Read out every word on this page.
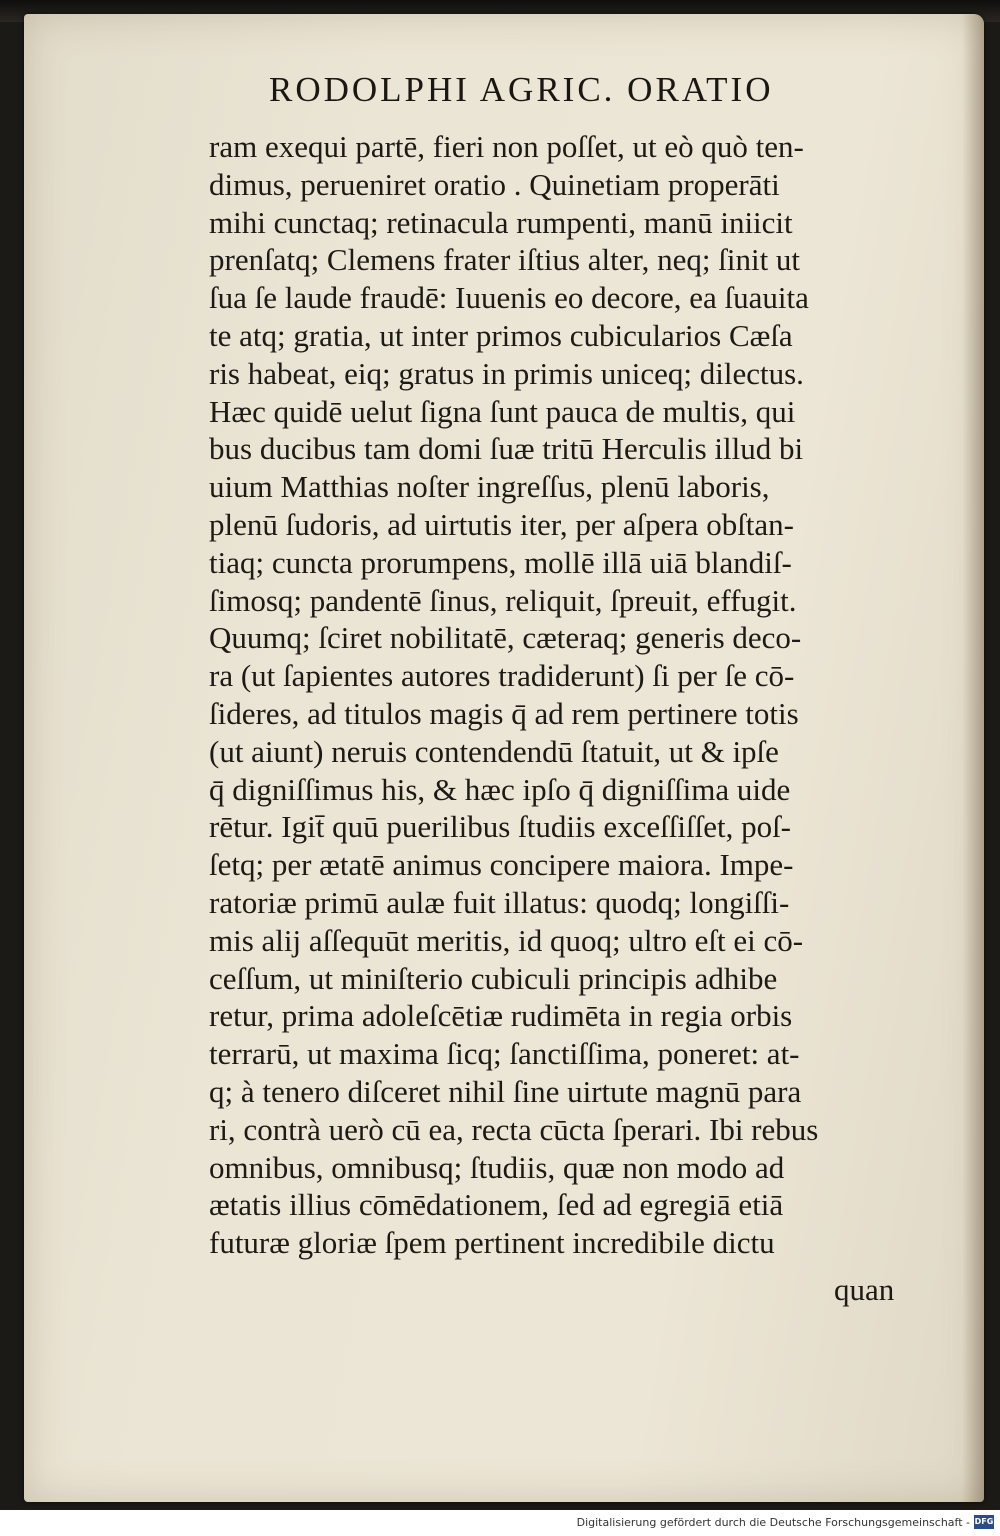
RODOLPHI AGRIC. ORATIO
ram exequi partē, fieri non poſſet, ut eò quò ten-
dimus, perueniret oratio . Quinetiam properāti
mihi cunctaq; retinacula rumpenti, manū iniicit
prenſatq; Clemens frater iſtius alter, neq; ſinit ut
ſua ſe laude fraudē: Iuuenis eo decore, ea ſuauita
te atq; gratia, ut inter primos cubicularios Cæſa
ris habeat, eiq; gratus in primis uniceq; dilectus.
Hæc quidē uelut ſigna ſunt pauca de multis, qui
bus ducibus tam domi ſuæ tritū Herculis illud bi
uium Matthias noſter ingreſſus, plenū laboris,
plenū ſudoris, ad uirtutis iter, per aſpera obſtan-
tiaq; cuncta prorumpens, mollē illā uiā blandiſ-
ſimosq; pandentē ſinus, reliquit, ſpreuit, effugit.
Quumq; ſciret nobilitatē, cæteraq; generis deco-
ra (ut ſapientes autores tradiderunt) ſi per ſe cō-
ſideres, ad titulos magis q̄ ad rem pertinere totis
(ut aiunt) neruis contendendū ſtatuit, ut & ipſe
q̄ digniſſimus his, & hæc ipſo q̄ digniſſima uide
rētur. Igit̄ quū puerilibus ſtudiis exceſſiſſet, poſ-
ſetq; per ætatē animus concipere maiora. Impe-
ratoriæ primū aulæ fuit illatus: quodq; longiſſi-
mis alij aſſequūt meritis, id quoq; ultro eſt ei cō-
ceſſum, ut miniſterio cubiculi principis adhibe
retur, prima adoleſcētiæ rudimēta in regia orbis
terrarū, ut maxima ſicq; ſanctiſſima, poneret: at-
q; à tenero diſceret nihil ſine uirtute magnū para
ri, contrà uerò cū ea, recta cūcta ſperari. Ibi rebus
omnibus, omnibusq; ſtudiis, quæ non modo ad
ætatis illius cōmēdationem, ſed ad egregiā etiā
futuræ gloriæ ſpem pertinent incredibile dictu
quan
Digitalisierung gefördert durch die Deutsche Forschungsgemeinschaft - DFG
